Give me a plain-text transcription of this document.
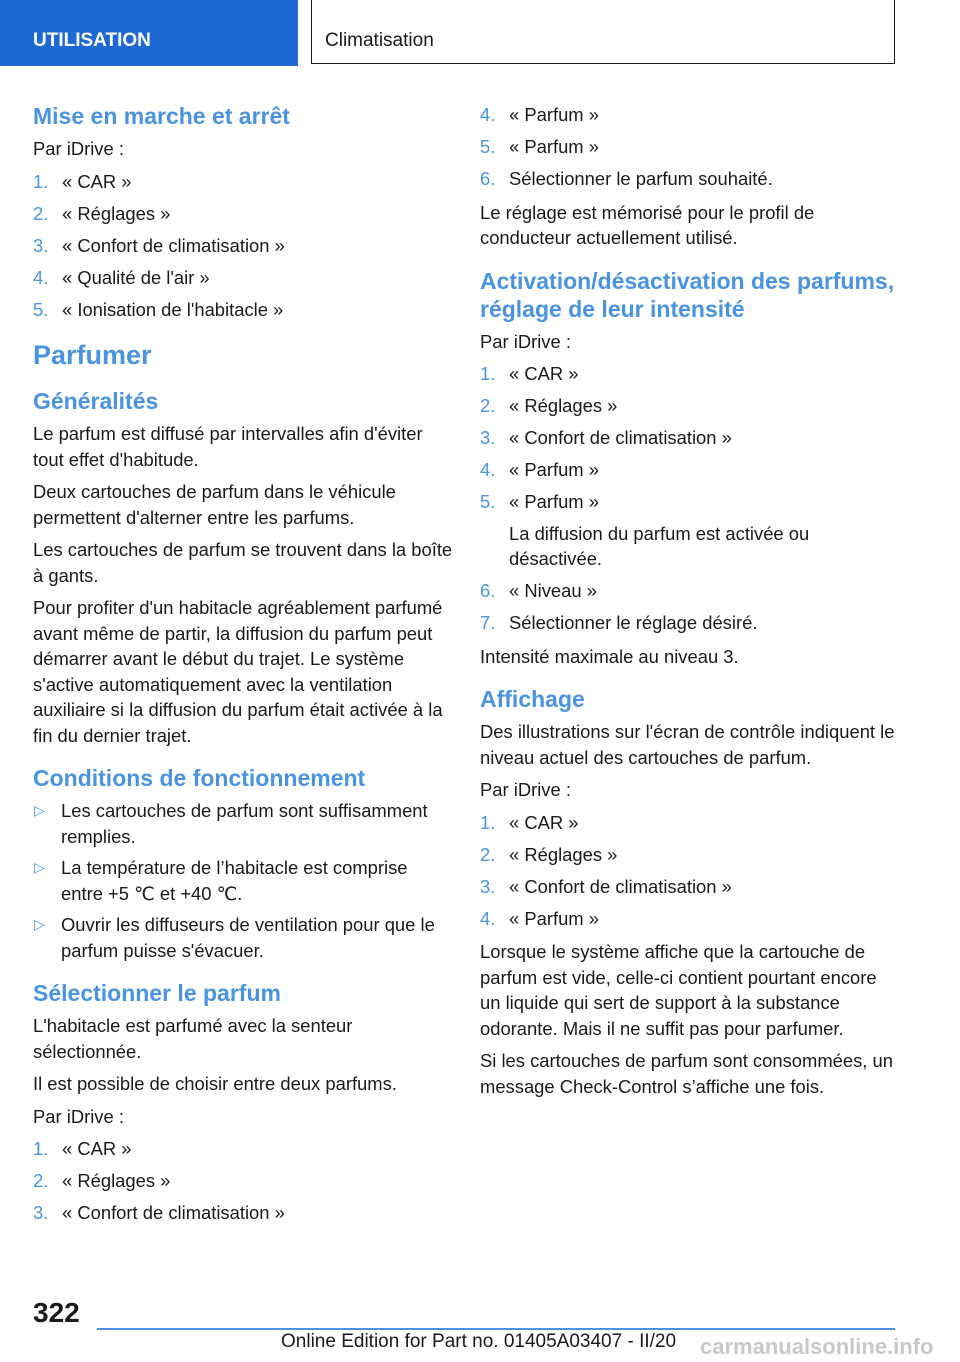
UTILISATION	Climatisation
Mise en marche et arrêt

Par iDrive :

1. « CAR »
2. « Réglages »
3. « Confort de climatisation »
4. « Qualité de l'air »
5. « Ionisation de l'habitacle »
Parfumer
Généralités

Le parfum est diffusé par intervalles afin d'éviter tout effet d'habitude.

Deux cartouches de parfum dans le véhicule permettent d'alterner entre les parfums.

Les cartouches de parfum se trouvent dans la boîte à gants.

Pour profiter d'un habitacle agréablement parfumé avant même de partir, la diffusion du parfum peut démarrer avant le début du trajet. Le système s'active automatiquement avec la ventilation auxiliaire si la diffusion du parfum était activée à la fin du dernier trajet.

Conditions de fonctionnement
▷ Les cartouches de parfum sont suffisamment remplies.
▷ La température de l’habitacle est comprise entre +5 ℃ et +40 ℃.
▷ Ouvrir les diffuseurs de ventilation pour que le parfum puisse s'évacuer.
Sélectionner le parfum

L'habitacle est parfumé avec la senteur sélectionnée.

Il est possible de choisir entre deux parfums.

Par iDrive :

1. « CAR »
2. « Réglages »
3. « Confort de climatisation »
4. « Parfum »
5. « Parfum »
6. Sélectionner le parfum souhaité.

Le réglage est mémorisé pour le profil de conducteur actuellement utilisé.

Activation/désactivation des parfums, réglage de leur intensité

Par iDrive :

1. « CAR »
2. « Réglages »
3. « Confort de climatisation »
4. « Parfum »
5. « Parfum »
La diffusion du parfum est activée ou désactivée.
6. « Niveau »
7. Sélectionner le réglage désiré.

Intensité maximale au niveau 3.

Affichage

Des illustrations sur l'écran de contrôle indiquent le niveau actuel des cartouches de parfum.

Par iDrive :

1. « CAR »
2. « Réglages »
3. « Confort de climatisation »
4. « Parfum »

Lorsque le système affiche que la cartouche de parfum est vide, celle-ci contient pourtant encore un liquide qui sert de support à la substance odorante. Mais il ne suffit pas pour parfumer.

Si les cartouches de parfum sont consommées, un message Check-Control s’affiche une fois.

322
Online Edition for Part no. 01405A03407 - II/20 carmanualsonline.info
